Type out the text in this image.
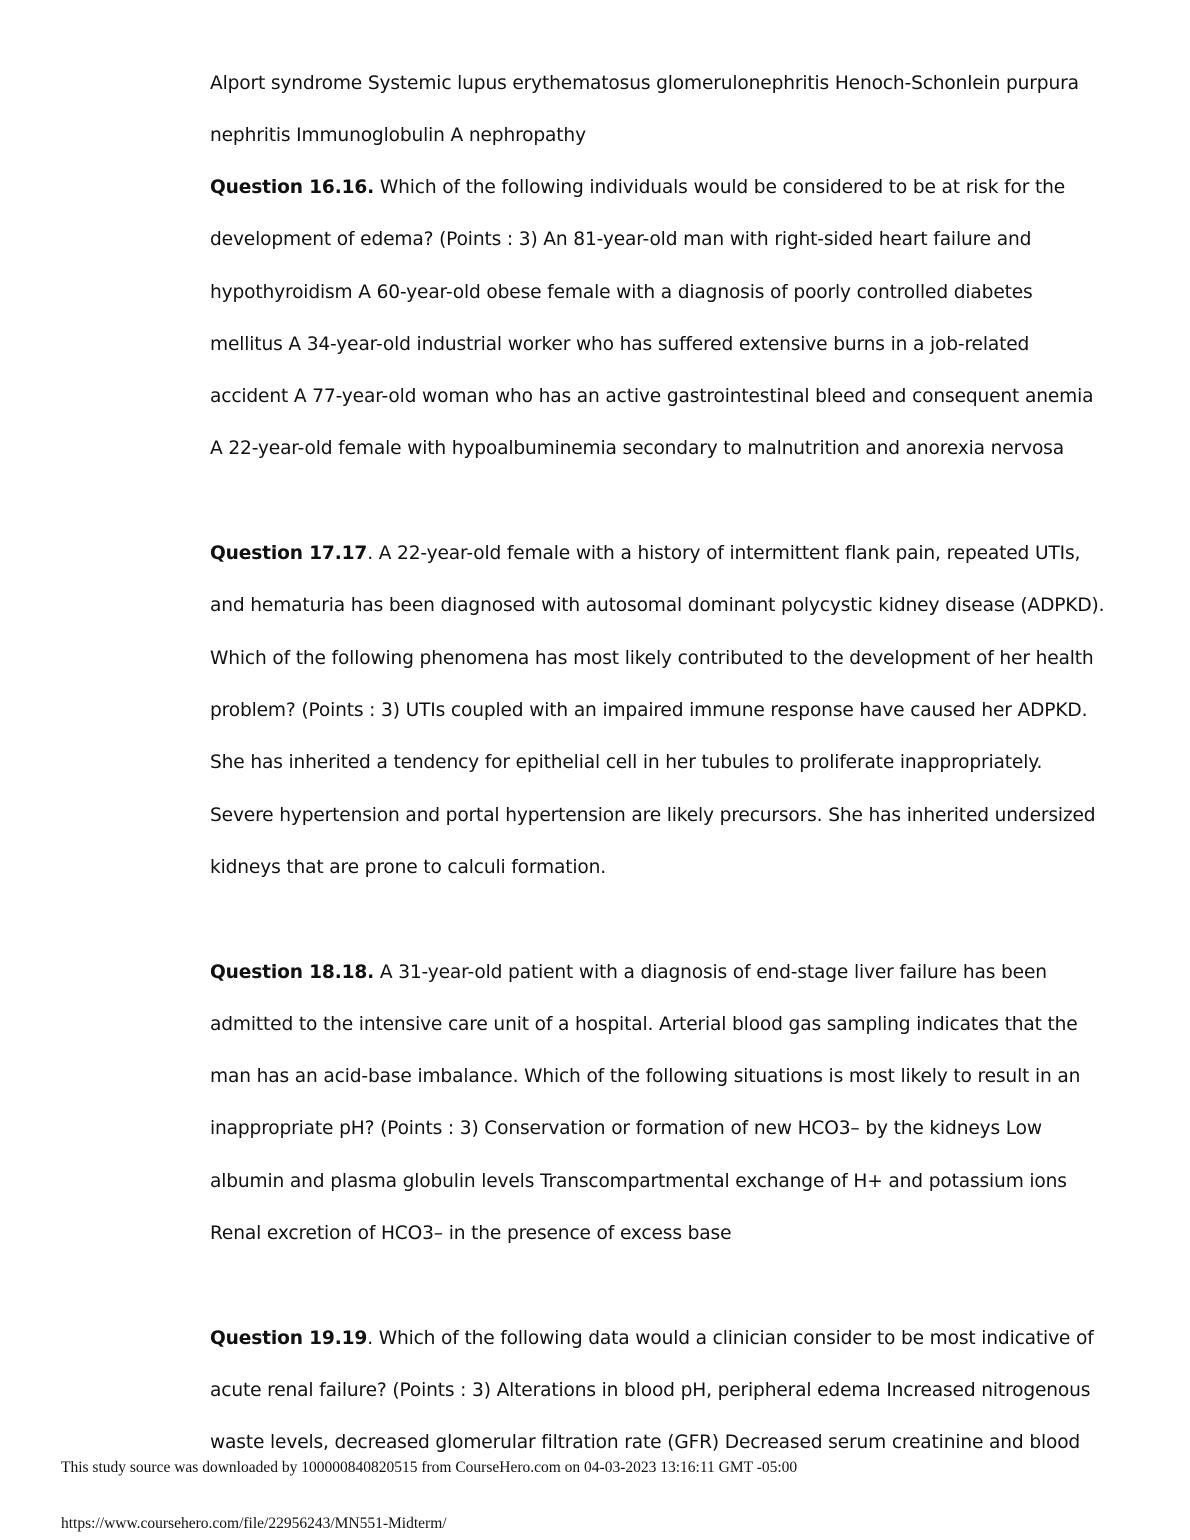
Alport syndrome Systemic lupus erythematosus glomerulonephritis Henoch-Schonlein purpura
nephritis Immunoglobulin A nephropathy
Question 16.16. Which of the following individuals would be considered to be at risk for the
development of edema? (Points : 3) An 81-year-old man with right-sided heart failure and
hypothyroidism A 60-year-old obese female with a diagnosis of poorly controlled diabetes
mellitus A 34-year-old industrial worker who has suffered extensive burns in a job-related
accident A 77-year-old woman who has an active gastrointestinal bleed and consequent anemia
A 22-year-old female with hypoalbuminemia secondary to malnutrition and anorexia nervosa
Question 17.17. A 22-year-old female with a history of intermittent flank pain, repeated UTIs,
and hematuria has been diagnosed with autosomal dominant polycystic kidney disease (ADPKD).
Which of the following phenomena has most likely contributed to the development of her health
problem? (Points : 3) UTIs coupled with an impaired immune response have caused her ADPKD.
She has inherited a tendency for epithelial cell in her tubules to proliferate inappropriately.
Severe hypertension and portal hypertension are likely precursors. She has inherited undersized
kidneys that are prone to calculi formation.
Question 18.18. A 31-year-old patient with a diagnosis of end-stage liver failure has been
admitted to the intensive care unit of a hospital. Arterial blood gas sampling indicates that the
man has an acid-base imbalance. Which of the following situations is most likely to result in an
inappropriate pH? (Points : 3) Conservation or formation of new HCO3– by the kidneys Low
albumin and plasma globulin levels Transcompartmental exchange of H+ and potassium ions
Renal excretion of HCO3– in the presence of excess base
Question 19.19. Which of the following data would a clinician consider to be most indicative of
acute renal failure? (Points : 3) Alterations in blood pH, peripheral edema Increased nitrogenous
waste levels, decreased glomerular filtration rate (GFR) Decreased serum creatinine and blood
This study source was downloaded by 100000840820515 from CourseHero.com on 04-03-2023 13:16:11 GMT -05:00
https://www.coursehero.com/file/22956243/MN551-Midterm/
